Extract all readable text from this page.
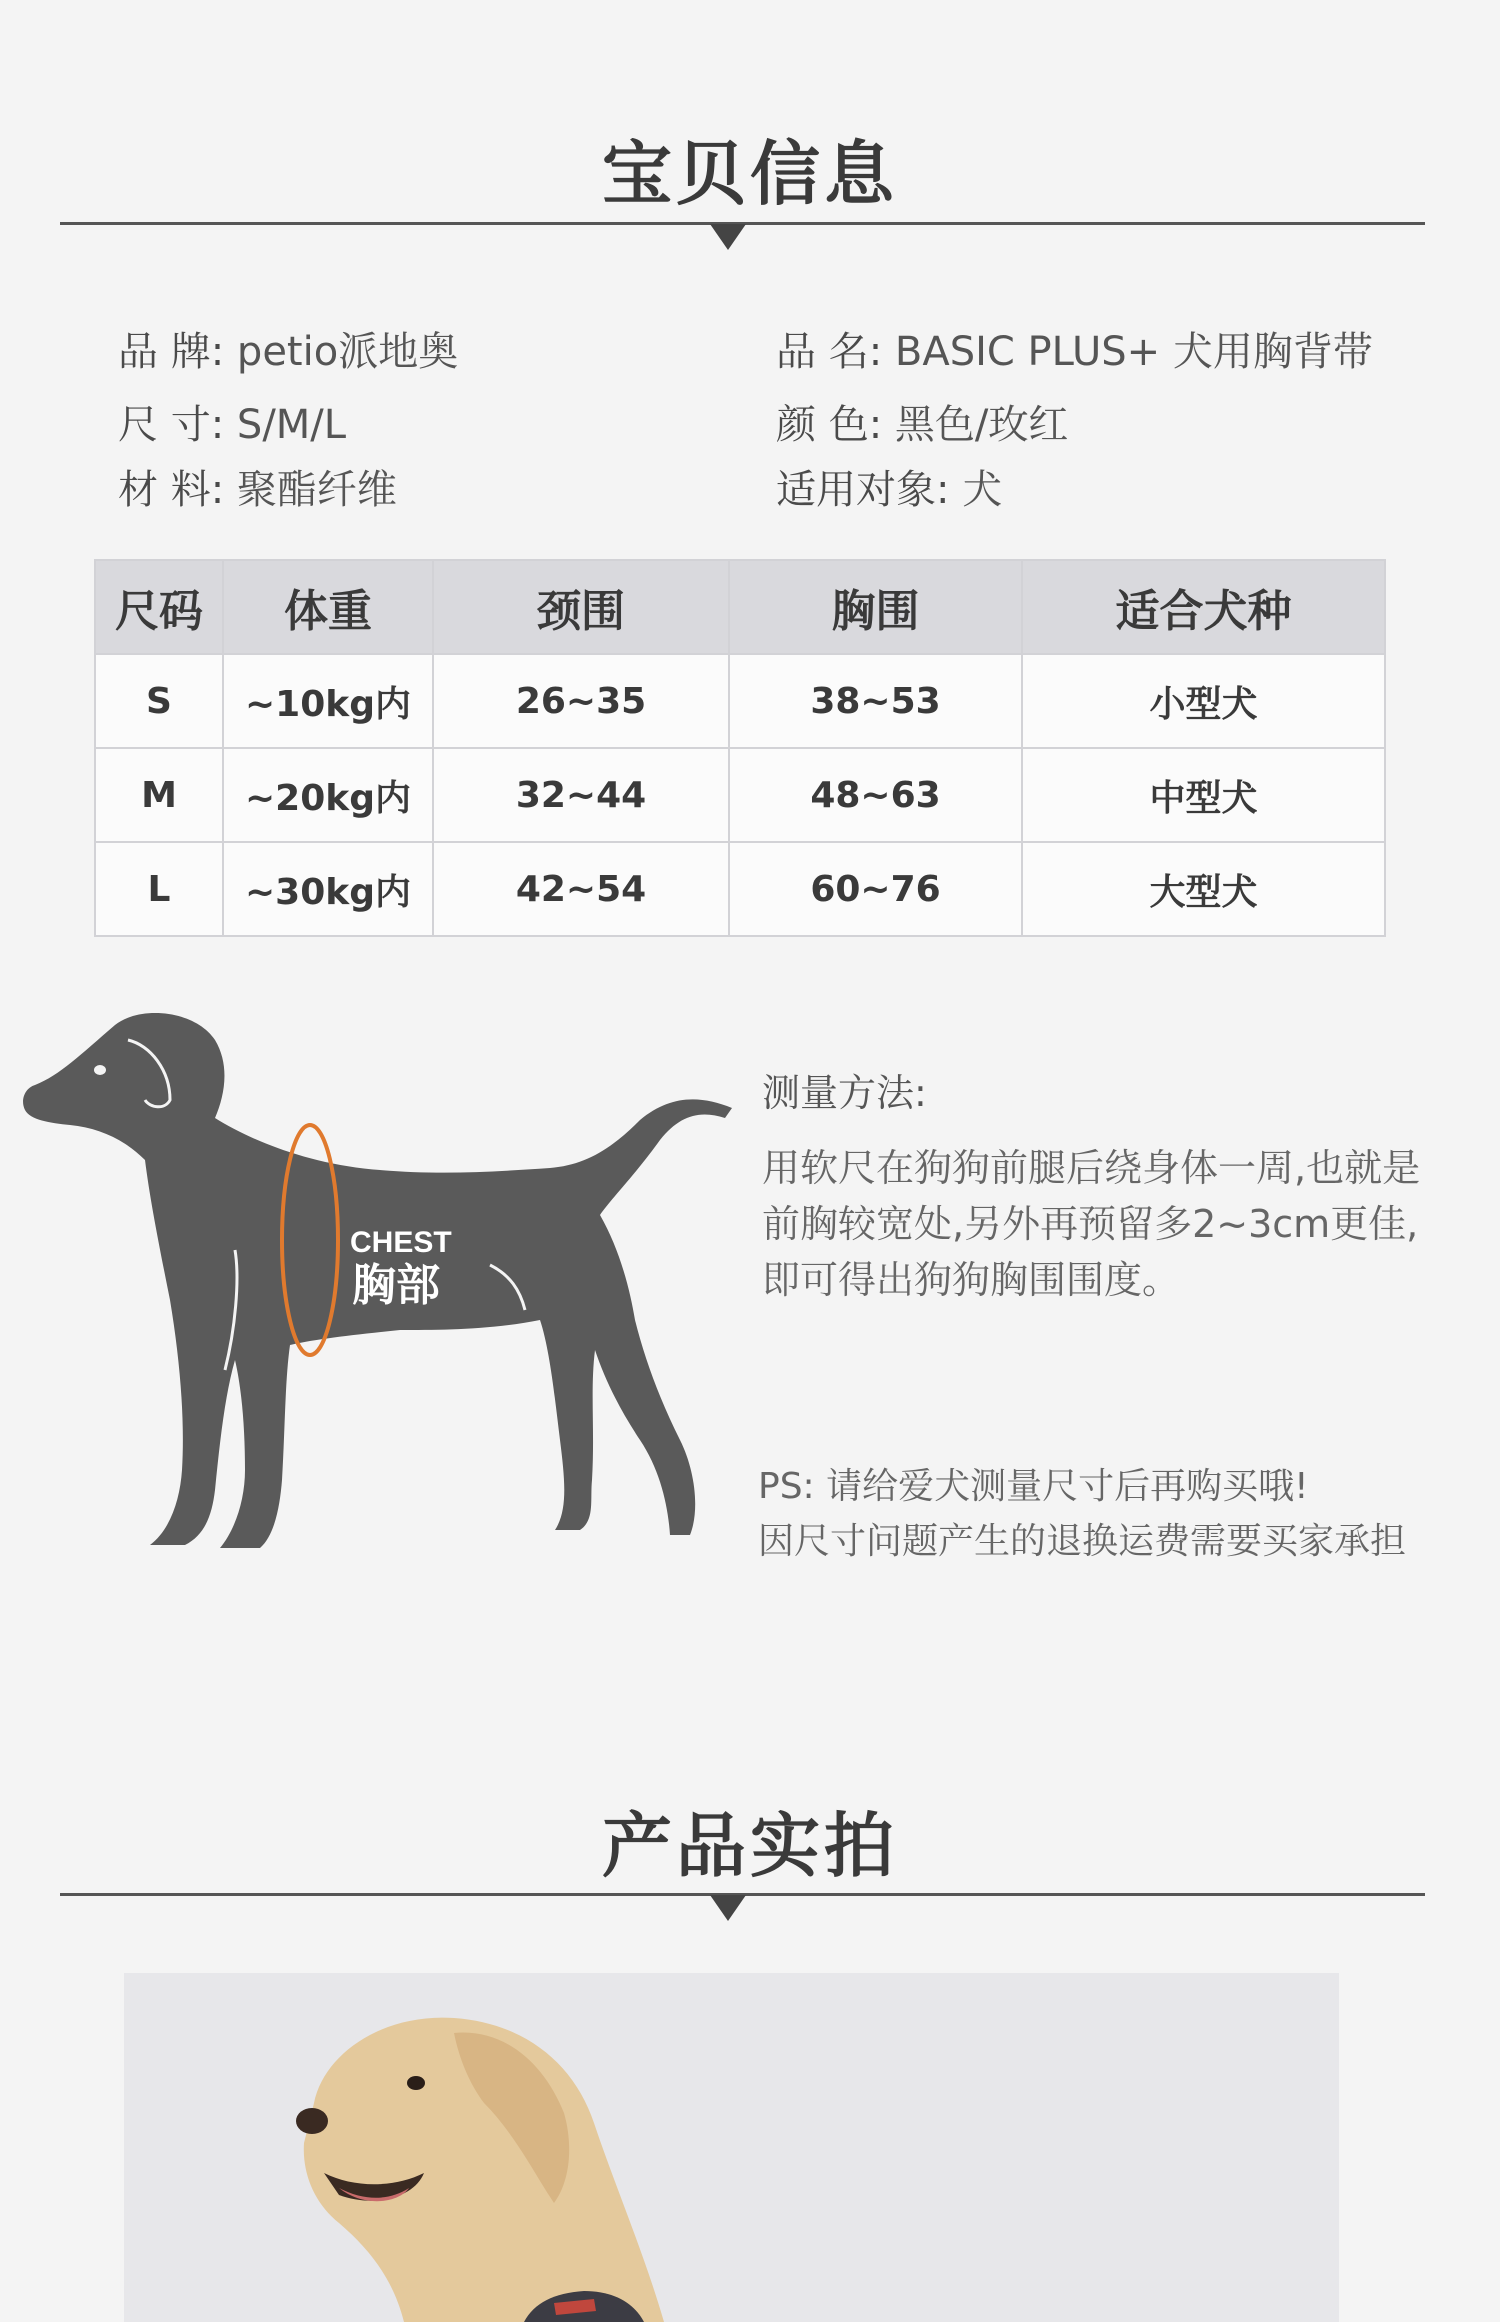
宝贝信息
品 牌: petio派地奥
尺 寸: S/M/L
材 料: 聚酯纤维
品 名: BASIC PLUS+ 犬用胸背带
颜 色: 黑色/玫红
适用对象: 犬
尺码	体重	颈围	胸围	适合犬种
S	~10kg内	26~35	38~53	小型犬
M	~20kg内	32~44	48~63	中型犬
L	~30kg内	42~54	60~76	大型犬
CHEST
胸部
测量方法:
用软尺在狗狗前腿后绕身体一周,也就是
前胸较宽处,另外再预留多2~3cm更佳,
即可得出狗狗胸围围度。
PS: 请给爱犬测量尺寸后再购买哦!
因尺寸问题产生的退换运费需要买家承担
产品实拍
